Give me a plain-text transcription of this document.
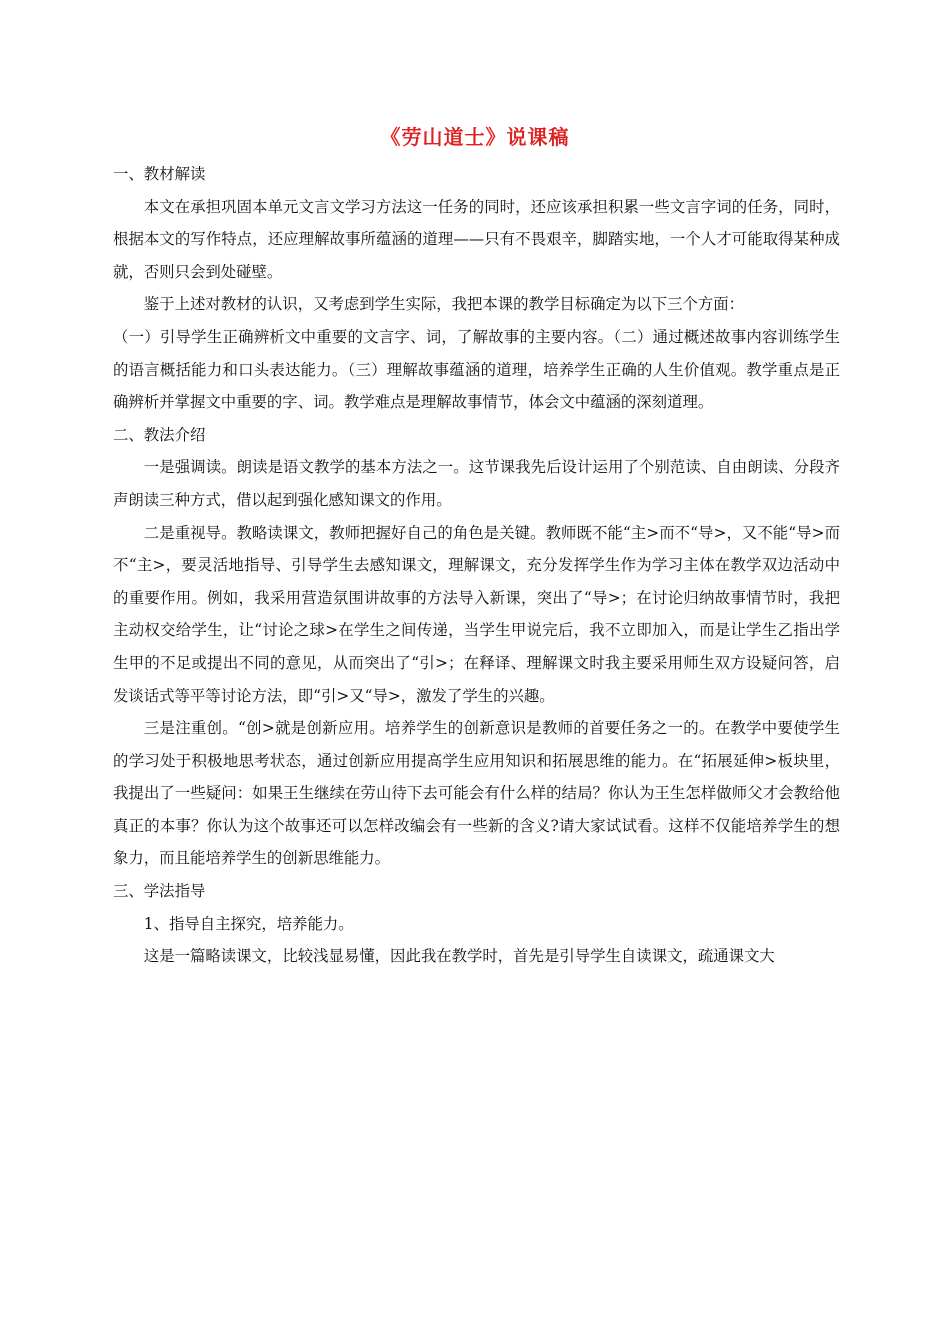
《劳山道士》说课稿

一、教材解读

本文在承担巩固本单元文言文学习方法这一任务的同时，还应该承担积累一些文言字词的任务，同时，根据本文的写作特点，还应理解故事所蕴涵的道理——只有不畏艰辛，脚踏实地，一个人才可能取得某种成就，否则只会到处碰壁。

鉴于上述对教材的认识，又考虑到学生实际，我把本课的教学目标确定为以下三个方面：

（一）引导学生正确辨析文中重要的文言字、词，了解故事的主要内容。（二）通过概述故事内容训练学生的语言概括能力和口头表达能力。（三）理解故事蕴涵的道理，培养学生正确的人生价值观。教学重点是正确辨析并掌握文中重要的字、词。教学难点是理解故事情节，体会文中蕴涵的深刻道理。

二、教法介绍

一是强调读。朗读是语文教学的基本方法之一。这节课我先后设计运用了个别范读、自由朗读、分段齐声朗读三种方式，借以起到强化感知课文的作用。

二是重视导。教略读课文，教师把握好自己的角色是关键。教师既不能“主>而不“导>，又不能“导>而不“主>，要灵活地指导、引导学生去感知课文，理解课文，充分发挥学生作为学习主体在教学双边活动中的重要作用。例如，我采用营造氛围讲故事的方法导入新课，突出了“导>；在讨论归纳故事情节时，我把主动权交给学生，让“讨论之球>在学生之间传递，当学生甲说完后，我不立即加入，而是让学生乙指出学生甲的不足或提出不同的意见，从而突出了“引>；在释译、理解课文时我主要采用师生双方设疑问答，启发谈话式等平等讨论方法，即“引>又“导>，激发了学生的兴趣。

三是注重创。“创>就是创新应用。培养学生的创新意识是教师的首要任务之一的。在教学中要使学生的学习处于积极地思考状态，通过创新应用提高学生应用知识和拓展思维的能力。在“拓展延伸>板块里，我提出了一些疑问：如果王生继续在劳山待下去可能会有什么样的结局？你认为王生怎样做师父才会教给他真正的本事？你认为这个故事还可以怎样改编会有一些新的含义?请大家试试看。这样不仅能培养学生的想象力，而且能培养学生的创新思维能力。

三、学法指导

1、指导自主探究，培养能力。

这是一篇略读课文，比较浅显易懂，因此我在教学时，首先是引导学生自读课文，疏通课文大
